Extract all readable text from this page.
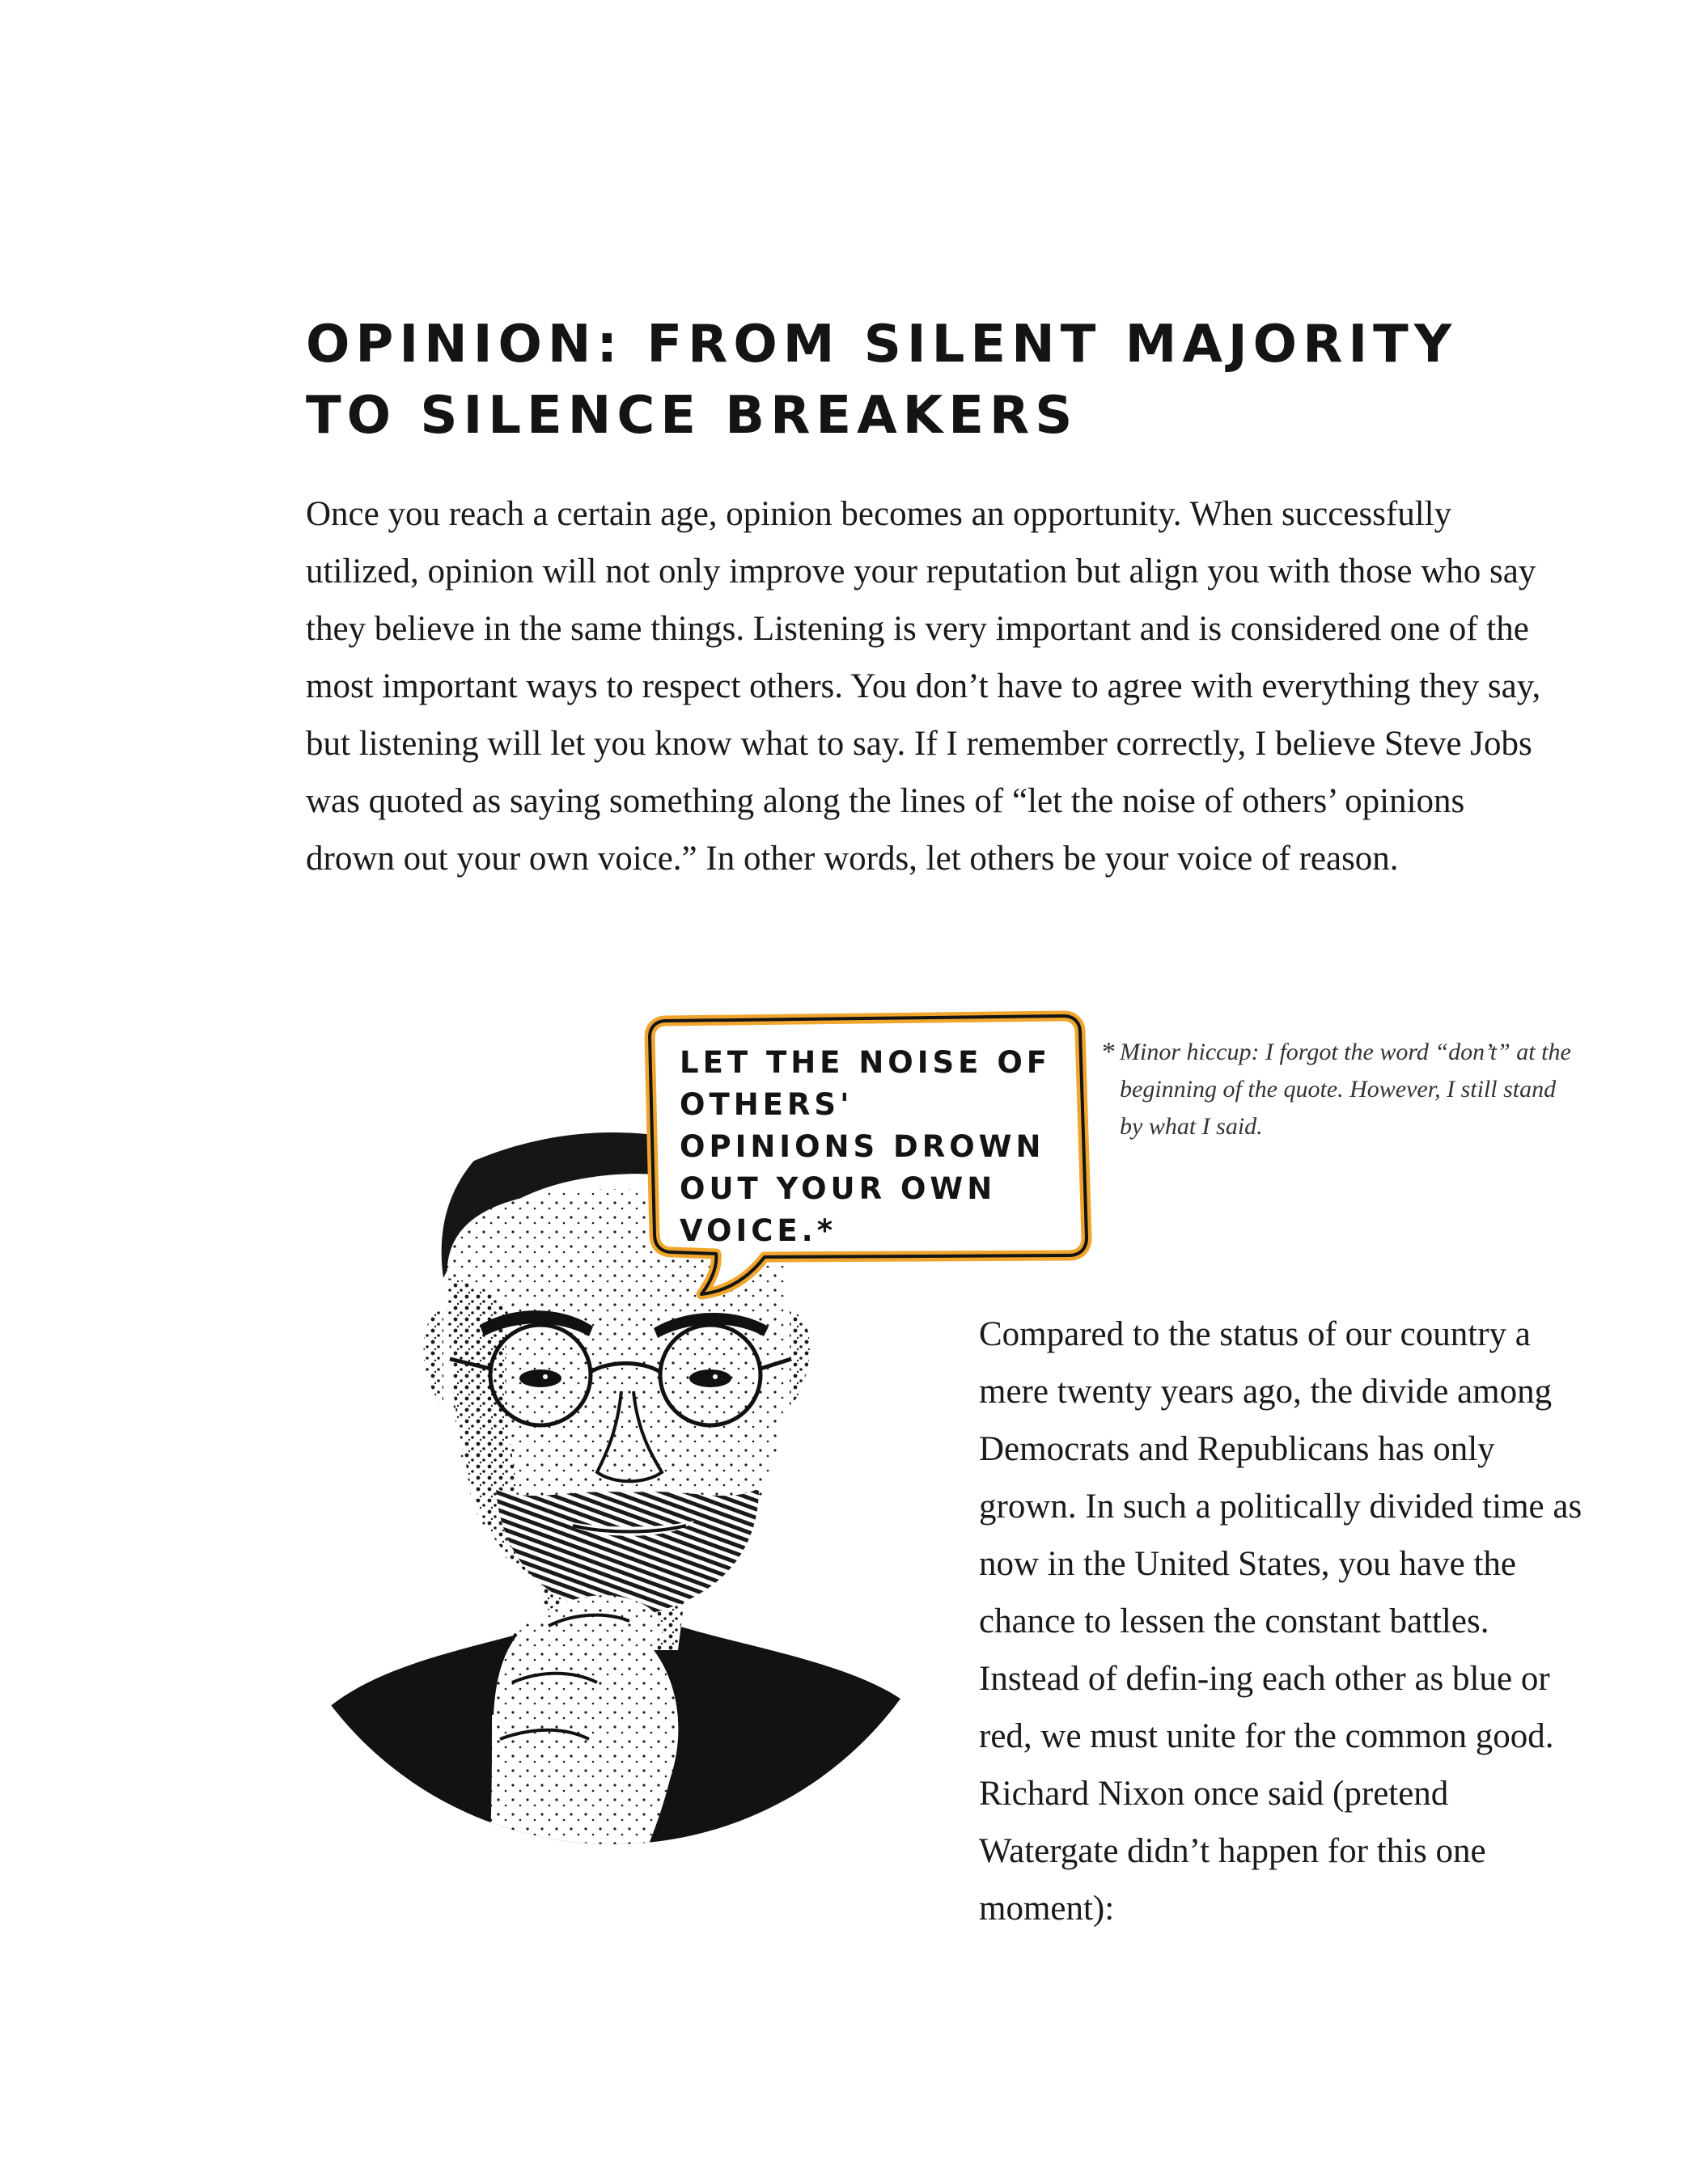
OPINION: FROM SILENT MAJORITY TO SILENCE BREAKERS

Once you reach a certain age, opinion becomes an opportunity. When successfully utilized, opinion will not only improve your reputation but align you with those who say they believe in the same things. Listening is very important and is considered one of the most important ways to respect others. You don’t have to agree with everything they say, but listening will let you know what to say. If I remember correctly, I believe Steve Jobs was quoted as saying something along the lines of “let the noise of others’ opinions drown out your own voice.” In other words, let others be your voice of reason.

LET THE NOISE OF OTHERS' OPINIONS DROWN OUT YOUR OWN VOICE.*

* Minor hiccup: I forgot the word “don’t” at the beginning of the quote. However, I still stand by what I said.

Compared to the status of our country a mere twenty years ago, the divide among Democrats and Republicans has only grown. In such a politically divided time as now in the United States, you have the chance to lessen the constant battles. Instead of defin-ing each other as blue or red, we must unite for the common good. Richard Nixon once said (pretend Watergate didn’t happen for this one moment):
